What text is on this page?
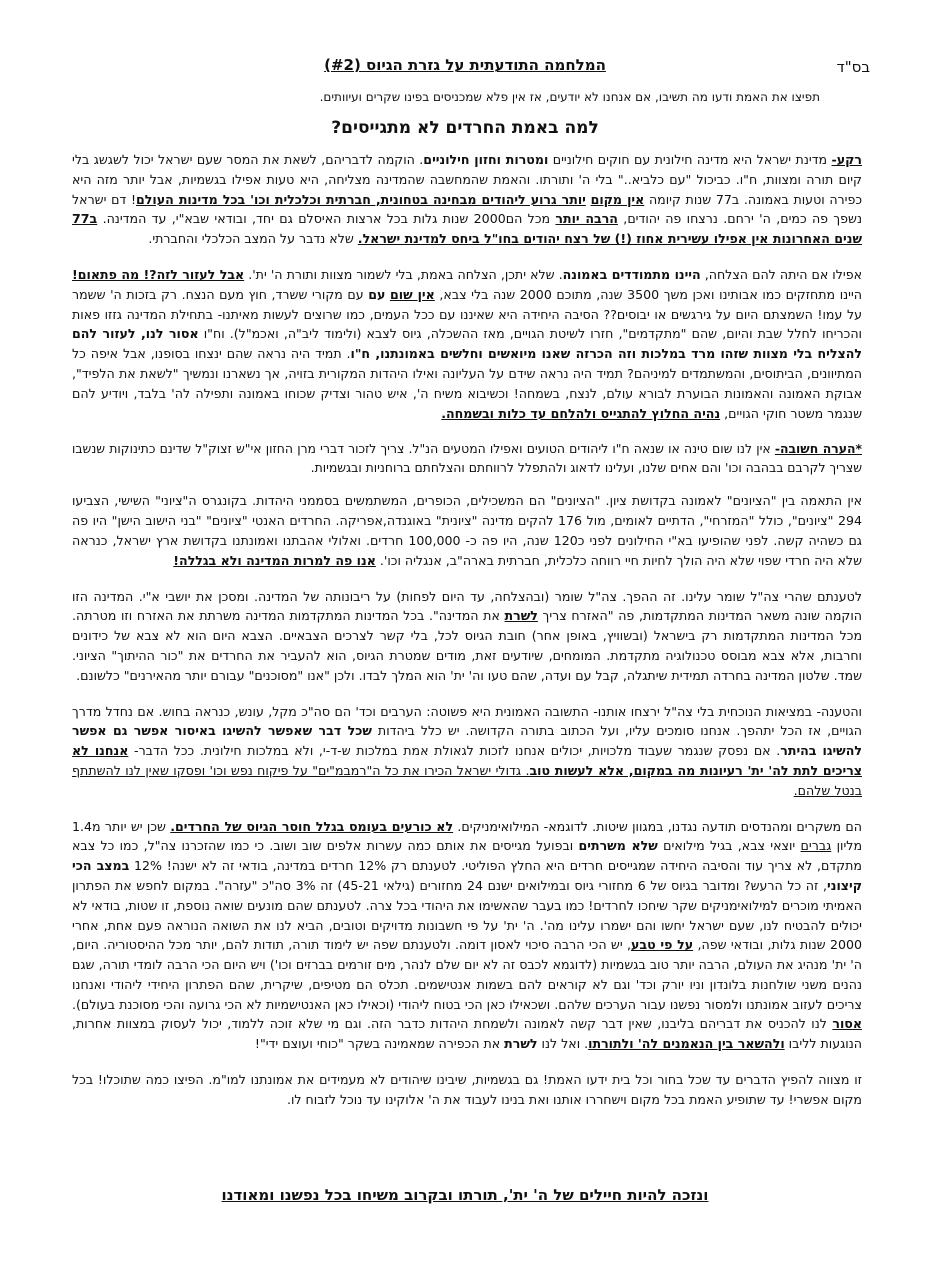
בס"ד
המלחמה התודעתית על גזרת הגיוס (#2)
תפיצו את האמת ודעו מה תשיבו, אם אנחנו לא יודעים, אז אין פלא שמכניסים בפינו שקרים ועיוותים.
למה באמת החרדים לא מתגייסים?

רקע- מדינת ישראל היא מדינה חילונית עם חוקים חילוניים ומטרות וחזון חילוניים. הוקמה לדבריהם, לשאת את המסר שעם ישראל יכול לשגשג בלי קיום תורה ומצוות, ח"ו. כביכול "עם כלביא.." בלי ה' ותורתו. והאמת שהמחשבה שהמדינה מצליחה, היא טעות אפילו בגשמיות, אבל יותר מזה היא כפירה וטעות באמונה. ב77 שנות קיומה אין מקום יותר גרוע ליהודים מבחינה בטחונית, חברתית וכלכלית וכו' בכל מדינות העולם! דם ישראל נשפך פה כמים, ה' ירחם. נרצחו פה יהודים, הרבה יותר מכל הם2000 שנות גלות בכל ארצות האיסלם גם יחד, ובודאי שבא"י, עד המדינה. ב77 שנים האחרונות אין אפילו עשירית אחוז (!) של רצח יהודים בחו"ל ביחס למדינת ישראל. שלא נדבר על המצב הכלכלי והחברתי.

אפילו אם היתה להם הצלחה, היינו מתמודדים באמונה. שלא יתכן, הצלחה באמת, בלי לשמור מצוות ותורת ה' ית'. אבל לעזור לזה?! מה פתאום! היינו מתחזקים כמו אבותינו ואכן משך 3500 שנה, מתוכם 2000 שנה בלי צבא, אין שום עם עם מקורי ששרד, חוץ מעם הנצח. רק בזכות ה' ששמר על עמו! השמצתם היום על גירגשים או יבוסים?? הסיבה היחידה היא שאיננו עם ככל העמים, כמו שרוצים לעשות מאיתנו- בתחילת המדינה גזזו פאות והכריחו לחלל שבת והיום, שהם "מתקדמים", חזרו לשיטת הגויים, מאז ההשכלה, גיוס לצבא (ולימוד ליב"ה, ואכמ"ל). וח"ו אסור לנו, לעזור להם להצליח בלי מצוות שזהו מרד במלכות וזה הכרזה שאנו מיואשים וחלשים באמונתנו, ח"ו. תמיד היה נראה שהם ינצחו בסופנו, אבל איפה כל המתיוונים, הביתוסים, והמשתמדים למיניהם? תמיד היה נראה שידם על העליונה ואילו היהדות המקורית בזויה, אך נשארנו ונמשיך "לשאת את הלפיד", אבוקת האמונה והאמונות הבוערת לבורא עולם, לנצח, בשמחה! וכשיבוא משיח ה', איש טהור וצדיק שכוחו באמונה ותפילה לה' בלבד, ויודיע להם שנגמר משטר חוקי הגויים, נהיה החלוץ להתגייס ולהלחם עד כלות ובשמחה.

*הערה חשובה- אין לנו שום טינה או שנאה ח"ו ליהודים הטועים ואפילו המטעים הנ"ל. צריך לזכור דברי מרן החזון אי"ש זצוק"ל שדינם כתינוקות שנשבו שצריך לקרבם בבהבה וכו' והם אחים שלנו, ועלינו לדאוג ולהתפלל לרווחתם והצלחתם ברוחניות ובגשמיות.

אין התאמה בין "הציונים" לאמונה בקדושת ציון. "הציונים" הם המשכילים, הכופרים, המשתמשים בסממני היהדות. בקונגרס ה"ציוני" השישי, הצביעו 294 "ציונים", כולל "המזרחי", הדתיים לאומים, מול 176 להקים מדינה "ציונית" באוגנדה,אפריקה. החרדים האנטי "ציונים" "בני הישוב הישן" היו פה גם כשהיה קשה. לפני שהופיעו בא"י החילונים לפני כ120 שנה, היו פה כ- 100,000 חרדים. ואלולי אהבתנו ואמונתנו בקדושת ארץ ישראל, כנראה שלא היה חרדי שפוי שלא היה הולך לחיות חיי רווחה כלכלית, חברתית בארה"ב, אנגליה וכו'. אנו פה למרות המדינה ולא בגללה!

לטענתם שהרי צה"ל שומר עלינו. זה ההפך. צה"ל שומר (ובהצלחה, עד היום לפחות) על ריבונותה של המדינה. ומסכן את יושבי א"י. המדינה הזו הוקמה שונה משאר המדינות המתקדמות, פה "האזרח צריך לשרת את המדינה". בכל המדינות המתקדמות המדינה משרתת את האזרח וזו מטרתה. מכל המדינות המתקדמות רק בישראל (ובשוויץ, באופן אחר) חובת הגיוס לכל, בלי קשר לצרכים הצבאיים. הצבא היום הוא לא צבא של כידונים וחרבות, אלא צבא מבוסס טכנולוגיה מתקדמת. המומחים, שיודעים זאת, מודים שמטרת הגיוס, הוא להעביר את החרדים את "כור ההיתוך" הציוני. שמד. שלטון המדינה בחרדה תמידית שיתגלה, קבל עם ועדה, שהם טעו וה' ית' הוא המלך לבדו. ולכן "אנו "מסוכנים" עבורם יותר מהאירנים" כלשונם.

והטענה- במציאות הנוכחית בלי צה"ל ירצחו אותנו- התשובה האמונית היא פשוטה: הערבים וכד' הם סה"כ מקל, עונש, כנראה בחוש. אם נחדל מדרך הגויים, אז הכל יתהפך. אנחנו סומכים עליו, ועל הכתוב בתורה הקדושה. יש כלל ביהדות שכל דבר שאפשר להשיגו באיסור אפשר גם אפשר להשיגו בהיתר. אם נפסק שנגמר שעבוד מלכויות, יכולים אנחנו לזכות לגאולת אמת במלכות ש-ד-י, ולא במלכות חילונית. ככל הדבר- אנחנו לא צריכים לתת לה' ית' רעיונות מה במקום, אלא לעשות טוב. גדולי ישראל הכירו את כל ה"רמבמ"ים" על פיקוח נפש וכו' ופסקו שאין לנו להשתתף בנטל שלהם.

הם משקרים ומהנדסים תודעה נגדנו, במגוון שיטות. לדוגמא- המילואימניקים. לא כורעים בעומס בגלל חוסר הגיוס של החרדים. שכן יש יותר מ1.4 מליון גברים יוצאי צבא, בגיל מילואים שלא משרתים ובפועל מגייסים את אותם כמה עשרות אלפים שוב ושוב. כי כמו שהזכרנו צה"ל, כמו כל צבא מתקדם, לא צריך עוד והסיבה היחידה שמגייסים חרדים היא החלץ הפוליטי. לטענתם רק 12% חרדים במדינה, בודאי זה לא ישנה! 12% במצב הכי קיצוני, זה כל הרעש? ומדובר בגיוס של 6 מחזורי גיוס ובמילואים ישנם 24 מחזורים (גילאי 45-21) זה 3% סה"כ "עזרה". במקום לחפש את הפתרון האמיתי מוכרים למילואימניקים שקר שיחכו לחרדים! כמו בעבר שהאשימו את היהודי בכל צרה. לטענתם שהם מונעים שואה נוספת, זו שטות, בודאי לא יכולים להבטיח לנו, שעם ישראל יחשו והם ישמרו עלינו מה'. ה' ית' על פי חשבונות מדויקים וטובים, הביא לנו את השואה הנוראה פעם אחת, אחרי 2000 שנות גלות, ובודאי שפה, על פי טבע, יש הכי הרבה סיכוי לאסון דומה. ולטענתם שפה יש לימוד תורה, תודות להם, יותר מכל ההיסטוריה. היום, ה' ית' מנהיג את העולם, הרבה יותר טוב בגשמיות (לדוגמא לכבס זה לא יום שלם לנהר, מים זורמים בברזים וכו') ויש היום הכי הרבה לומדי תורה, שגם נהנים משני שולחנות בלונדון וניו יורק וכד' וגם לא קוראים להם בשמות אנטישמים. תכלס הם מטיפים, שיקרית, שהם הפתרון היחידי ליהודי ואנחנו צריכים לעזוב אמונתנו ולמסור נפשנו עבור הערכים שלהם. ושכאילו כאן הכי בטוח ליהודי (וכאילו כאן האנטישמיות לא הכי גרועה והכי מסוכנת בעולם). אסור לנו להכניס את דבריהם בליבנו, שאין דבר קשה לאמונה ולשמחת היהדות כדבר הזה. וגם מי שלא זוכה ללמוד, יכול לעסוק במצוות אחרות, הנוגעות לליבו ולהשאר בין הנאמנים לה' ולתורתו. ואל לנו לשרת את הכפירה שמאמינה בשקר "כוחי ועוצם ידי"!

זו מצווה להפיץ הדברים עד שכל בחור וכל בית ידעו האמת! גם בגשמיות, שיבינו שיהודים לא מעמידים את אמונתנו למו"מ. הפיצו כמה שתוכלו! בכל מקום אפשרי! עד שתופיע האמת בכל מקום וישחררו אותנו ואת בנינו לעבוד את ה' אלוקינו עד נוכל לזבוח לו.

ונזכה להיות חיילים של ה' ית', תורתו ובקרוב משיחו בכל נפשנו ומאודנו
